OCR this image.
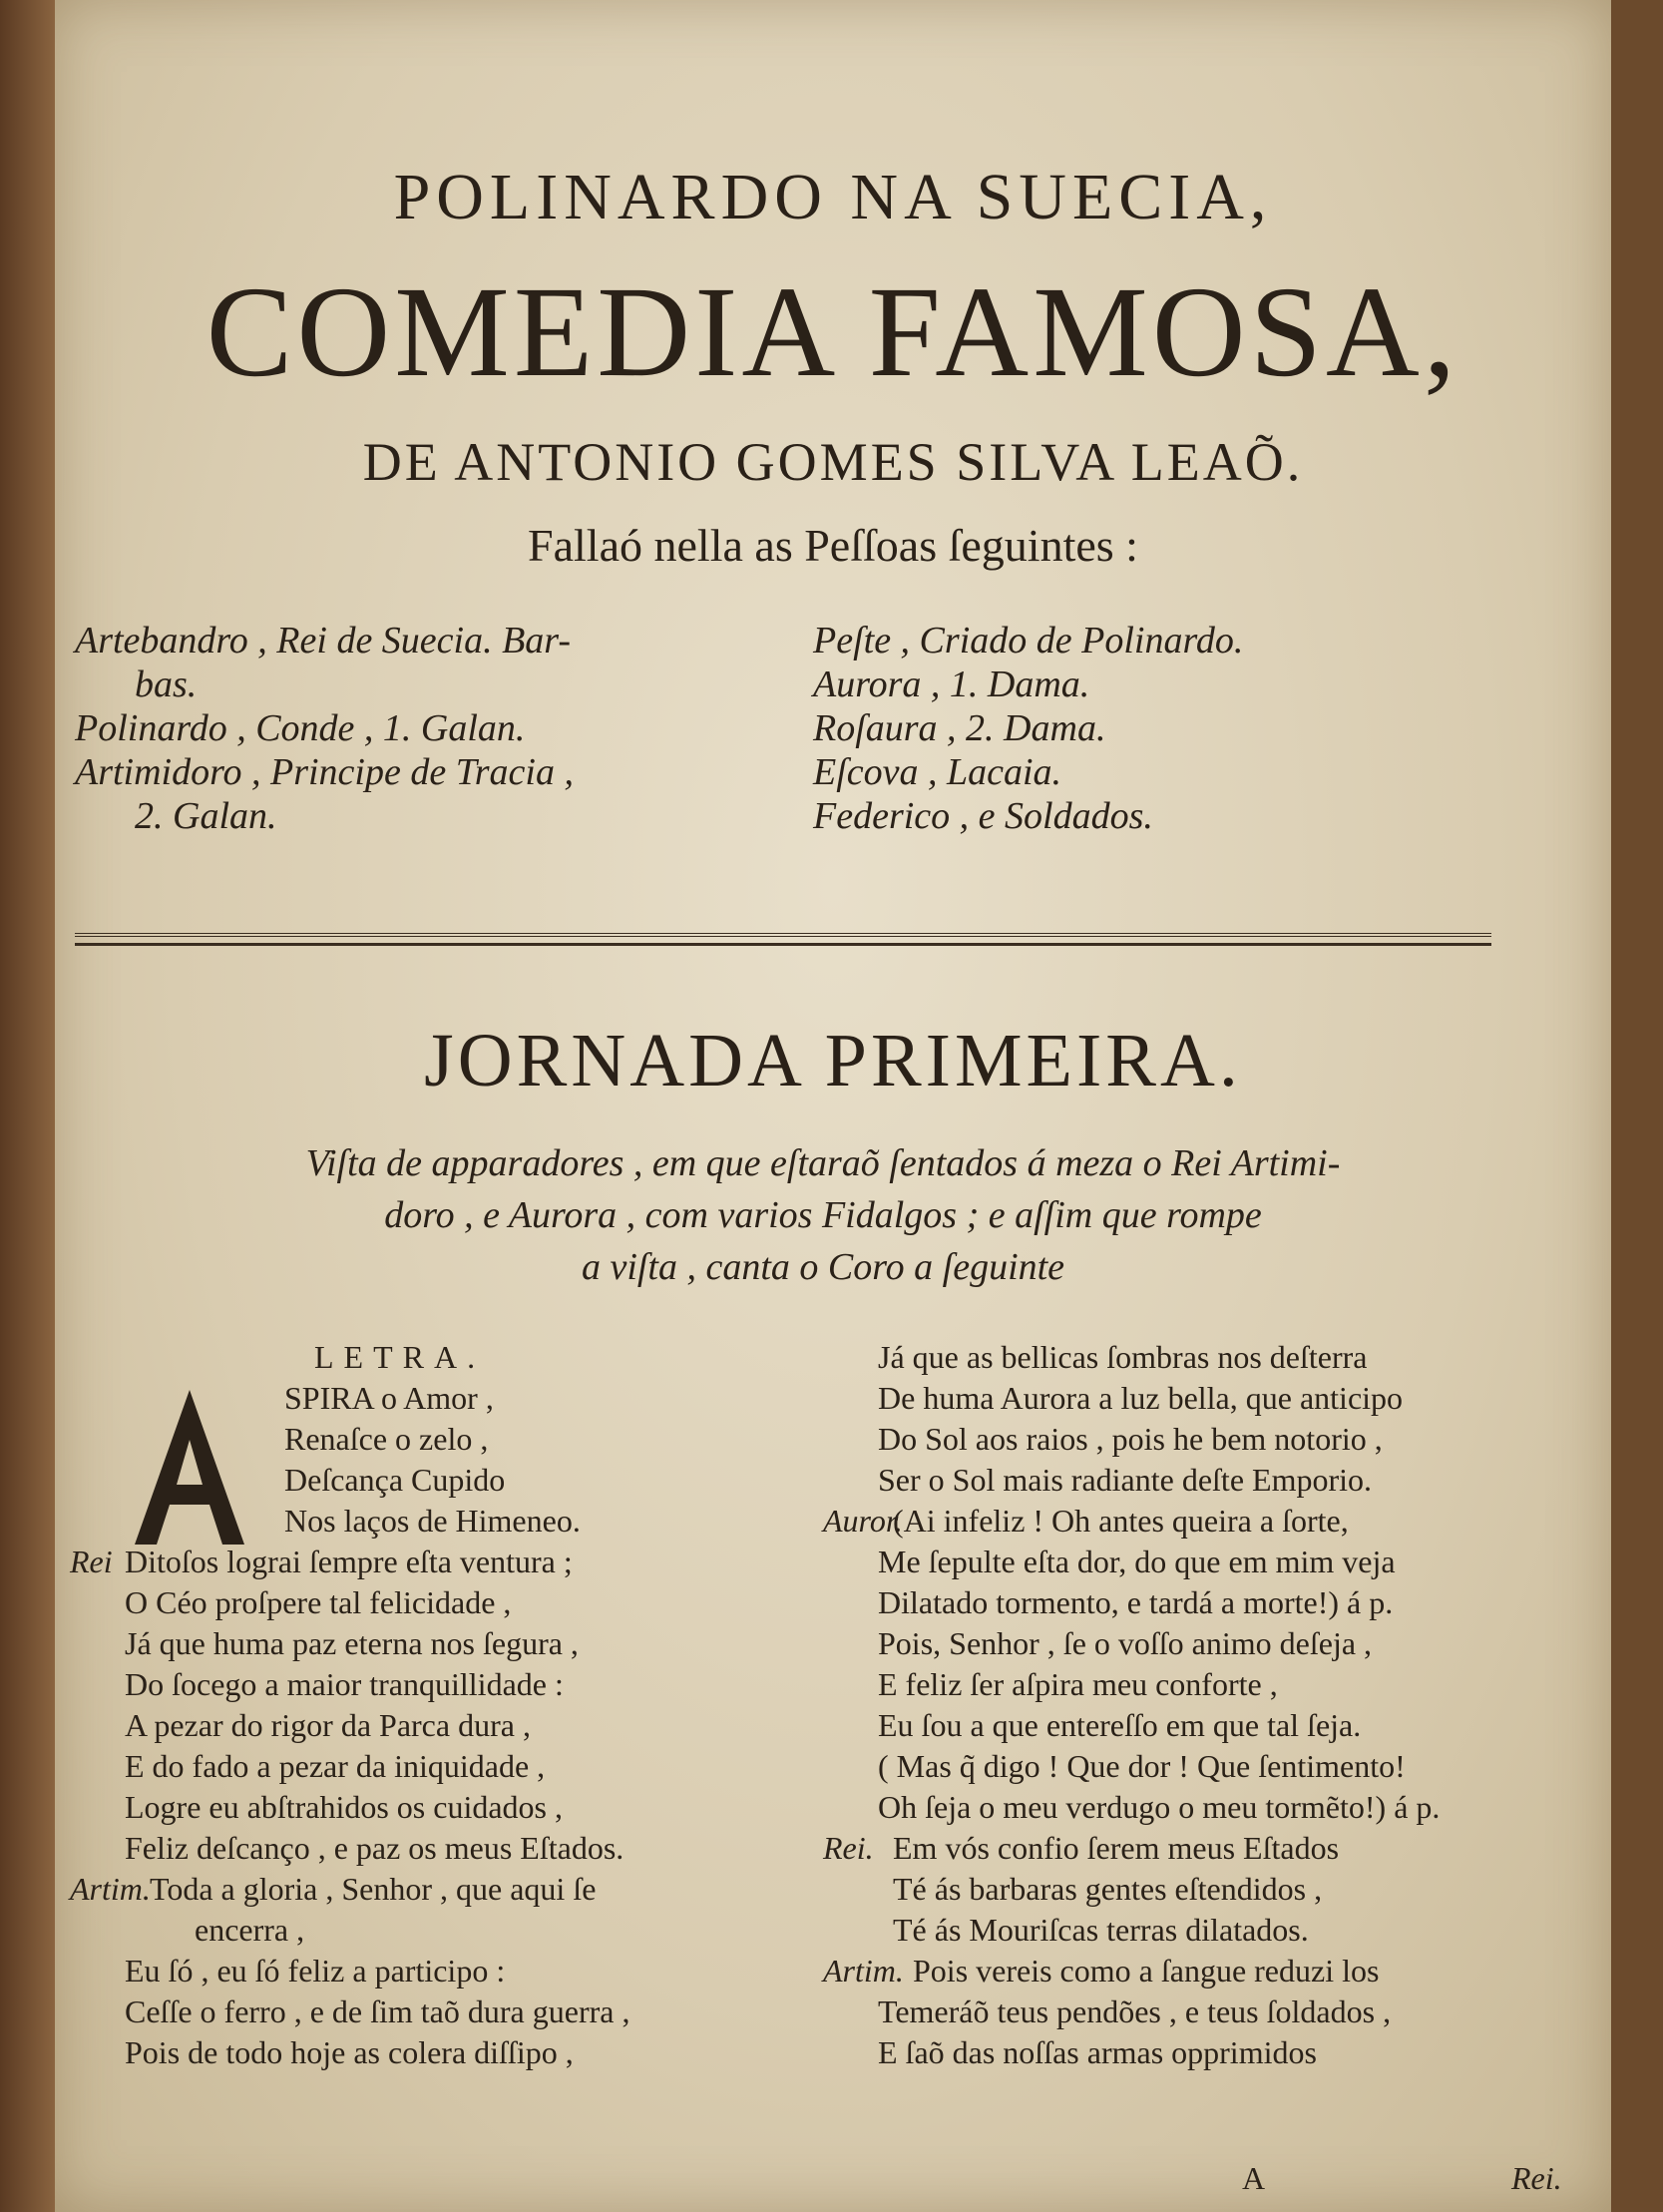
POLINARDO NA SUECIA,
COMEDIA FAMOSA,
DE ANTONIO GOMES SILVA LEAÕ.
Fallaó nella as Peſſoas ſeguintes :
Artebandro , Rei de Suecia. Bar-
bas.
Polinardo , Conde , 1. Galan.
Artimidoro , Principe de Tracia ,
2. Galan.
Peſte , Criado de Polinardo.
Aurora , 1. Dama.
Roſaura , 2. Dama.
Eſcova , Lacaia.
Federico , e Soldados.
JORNADA PRIMEIRA.
Viſta de apparadores , em que eſtaraõ ſentados á meza o Rei Artimi-
doro , e Aurora , com varios Fidalgos ; e aſſim que rompe
a viſta , canta o Coro a ſeguinte
LETRA.
SPIRA o Amor ,
Renaſce o zelo ,
Deſcança Cupido
Nos laços de Himeneo.
Rei Ditoſos lograi ſempre eſta ventura ;
O Céo proſpere tal felicidade ,
Já que huma paz eterna nos ſegura ,
Do ſocego a maior tranquillidade :
A pezar do rigor da Parca dura ,
E do fado a pezar da iniquidade ,
Logre eu abſtrahidos os cuidados ,
Feliz deſcanço , e paz os meus Eſtados.
Artim.Toda a gloria , Senhor , que aqui ſe
encerra ,
Eu ſó , eu ſó feliz a participo :
Ceſſe o ferro , e de ſim taõ dura guerra ,
Pois de todo hoje as colera diſſipo ,
Já que as bellicas ſombras nos deſterra
De huma Aurora a luz bella, que anticipo
Do Sol aos raios , pois he bem notorio ,
Ser o Sol mais radiante deſte Emporio.
Auror.(Ai infeliz ! Oh antes queira a ſorte,
Me ſepulte eſta dor, do que em mim veja
Dilatado tormento, e tardá a morte!) á p.
Pois, Senhor , ſe o voſſo animo deſeja ,
E feliz ſer aſpira meu conforte ,
Eu ſou a que entereſſo em que tal ſeja.
( Mas q̃ digo ! Que dor ! Que ſentimento!
Oh ſeja o meu verdugo o meu tormẽto!) á p.
Rei. Em vós confio ſerem meus Eſtados
Té ás barbaras gentes eſtendidos ,
Té ás Mouriſcas terras dilatados.
Artim. Pois vereis como a ſangue reduzi los
Temeráõ teus pendões , e teus ſoldados ,
E ſaõ das noſſas armas opprimidos
A	Rei.
